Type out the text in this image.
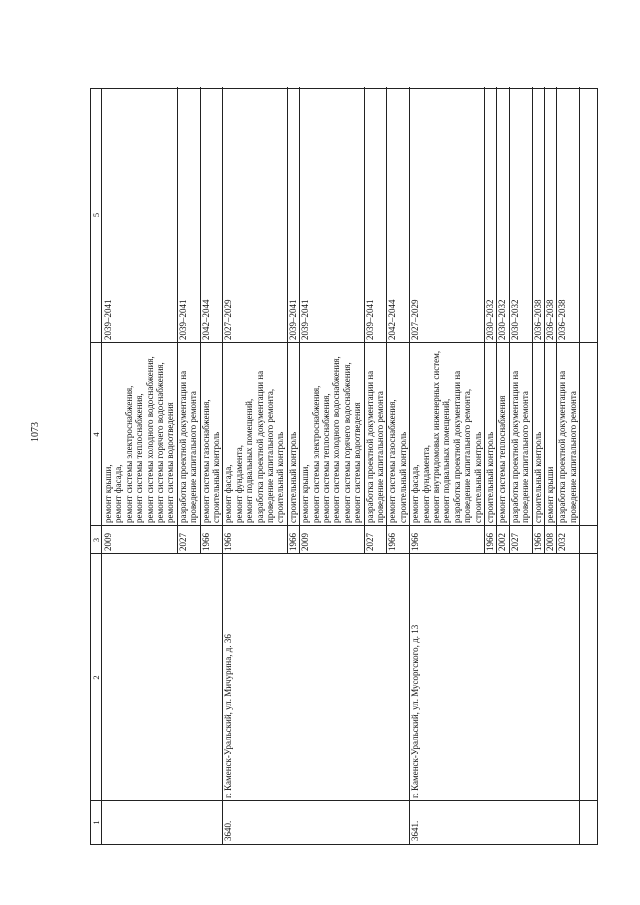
1073
1
2
3
4
5
2009
ремонт крыши, ремонт фасада, ремонт системы электроснабжения, ремонт системы теплоснабжения, ремонт системы холодного водоснабжения, ремонт системы горячего водоснабжения, ремонт системы водоотведения
2039–2041
2027
разработка проектной документации на проведение капитального ремонта
2039–2041
1966
ремонт системы газоснабжения, строительный контроль
2042–2044
1966
ремонт фасада, ремонт фундамента, ремонт подвальных помещений, разработка проектной документации на проведение капитального ремонта, строительный контроль
2027–2029
1966
строительный контроль
2039–2041
2009
ремонт крыши, ремонт системы электроснабжения, ремонт системы теплоснабжения, ремонт системы холодного водоснабжения, ремонт системы горячего водоснабжения, ремонт системы водоотведения
2039–2041
2027
разработка проектной документации на проведение капитального ремонта
2039–2041
1966
ремонт системы газоснабжения, строительный контроль
2042–2044
3640.
г. Каменск-Уральский, ул. Мичурина, д. 36
1966
ремонт фасада, ремонт фундамента, ремонт внутридомовых инженерных систем, ремонт подвальных помещений, разработка проектной документации на проведение капитального ремонта, строительный контроль
2027–2029
1966
строительный контроль
2030–2032
2002
ремонт системы теплоснабжения
2030–2032
2027
разработка проектной документации на проведение капитального ремонта
2030–2032
1966
строительный контроль
2036–2038
2008
ремонт крыши
2036–2038
2032
разработка проектной документации на проведение капитального ремонта
2036–2038
3641.
г. Каменск-Уральский, ул. Мусоргского, д. 13
